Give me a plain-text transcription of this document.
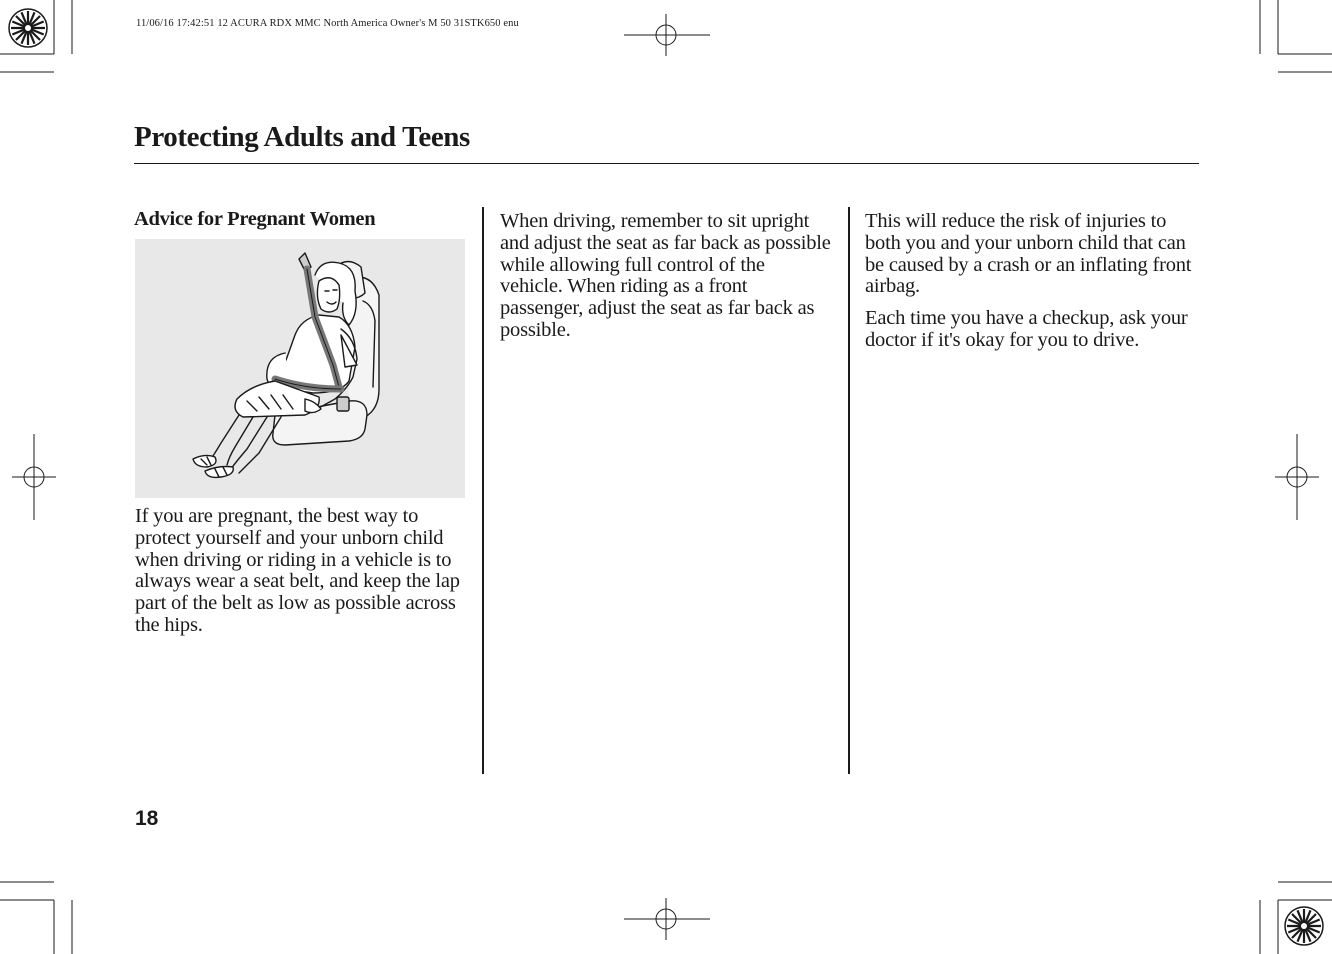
11/06/16 17:42:51 12 ACURA RDX MMC North America Owner's M 50 31STK650 enu
Protecting Adults and Teens
Advice for Pregnant Women

If you are pregnant, the best way to protect yourself and your unborn child when driving or riding in a vehicle is to always wear a seat belt, and keep the lap part of the belt as low as possible across the hips.

When driving, remember to sit upright and adjust the seat as far back as possible while allowing full control of the vehicle. When riding as a front passenger, adjust the seat as far back as possible.

This will reduce the risk of injuries to both you and your unborn child that can be caused by a crash or an inflating front airbag.

Each time you have a checkup, ask your doctor if it's okay for you to drive.

18
